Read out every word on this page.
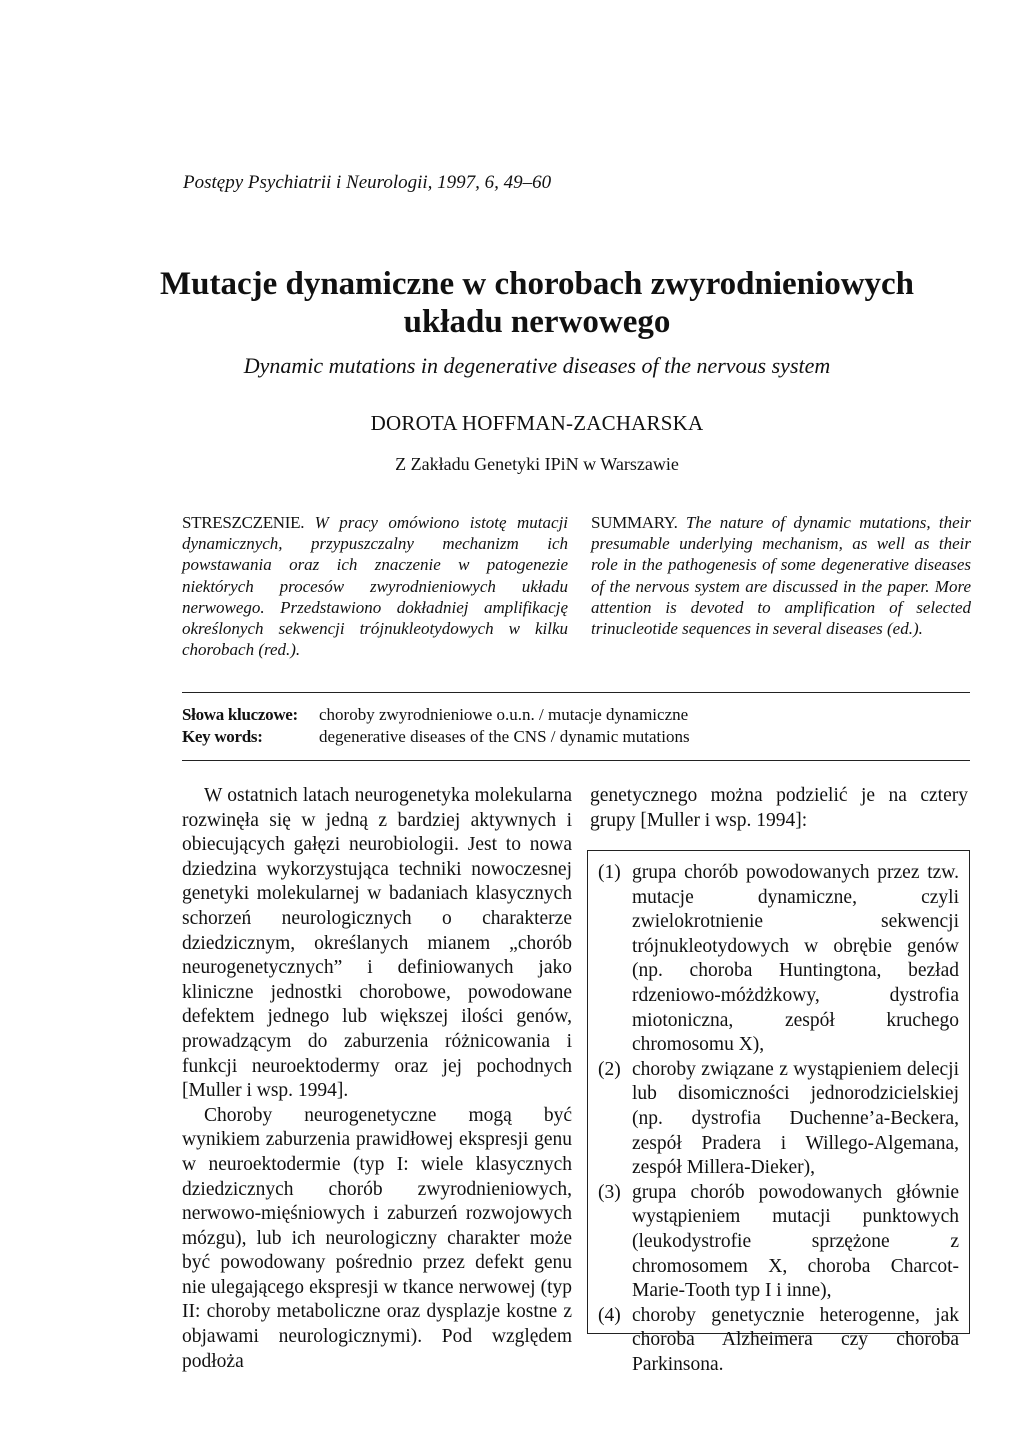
Postępy Psychiatrii i Neurologii, 1997, 6, 49–60
Mutacje dynamiczne w chorobach zwyrodnieniowych
układu nerwowego
Dynamic mutations in degenerative diseases of the nervous system
DOROTA HOFFMAN-ZACHARSKA
Z Zakładu Genetyki IPiN w Warszawie
STRESZCZENIE. W pracy omówiono istotę mutacji dynamicznych, przypuszczalny mechanizm ich powstawania oraz ich znaczenie w patogenezie niektórych procesów zwyrodnieniowych układu nerwowego. Przedstawiono dokładniej amplifikację określonych sekwencji trójnukleotydowych w kilku chorobach (red.).
SUMMARY. The nature of dynamic mutations, their presumable underlying mechanism, as well as their role in the pathogenesis of some degenerative diseases of the nervous system are discussed in the paper. More attention is devoted to amplification of selected trinucleotide sequences in several diseases (ed.).
Słowa kluczowe: choroby zwyrodnieniowe o.u.n. / mutacje dynamiczne
Key words:	degenerative diseases of the CNS / dynamic mutations

W ostatnich latach neurogenetyka molekularna rozwinęła się w jedną z bardziej aktywnych i obiecujących gałęzi neurobiologii. Jest to nowa dziedzina wykorzystująca techniki nowoczesnej genetyki molekularnej w badaniach klasycznych schorzeń neurologicznych o charakterze dziedzicznym, określanych mianem „chorób neurogenetycznych” i definiowanych jako kliniczne jednostki chorobowe, powodowane defektem jednego lub większej ilości genów, prowadzącym do zaburzenia różnicowania i funkcji neuroektodermy oraz jej pochodnych [Muller i wsp. 1994].

Choroby neurogenetyczne mogą być wynikiem zaburzenia prawidłowej ekspresji genu w neuroektodermie (typ I: wiele klasycznych dziedzicznych chorób zwyrodnieniowych, nerwowo-mięśniowych i zaburzeń rozwojowych mózgu), lub ich neurologiczny charakter może być powodowany pośrednio przez defekt genu nie ulegającego ekspresji w tkance nerwowej (typ II: choroby metaboliczne oraz dysplazje kostne z objawami neurologicznymi). Pod względem podłoża

genetycznego można podzielić je na cztery grupy [Muller i wsp. 1994]:

(1) grupa chorób powodowanych przez tzw. mutacje dynamiczne, czyli zwielokrotnienie sekwencji trójnukleotydowych w obrębie genów (np. choroba Huntingtona, bezład rdzeniowo-móżdżkowy, dystrofia miotoniczna, zespół kruchego chromosomu X),
(2) choroby związane z wystąpieniem delecji lub disomiczności jednorodzicielskiej (np. dystrofia Duchenne’a-Beckera, zespół Pradera i Willego-Algemana, zespół Millera-Dieker),
(3) grupa chorób powodowanych głównie wystąpieniem mutacji punktowych (leukodystrofie sprzężone z chromosomem X, choroba Charcot-Marie-Tooth typ I i inne),
(4) choroby genetycznie heterogenne, jak choroba Alzheimera czy choroba Parkinsona.
